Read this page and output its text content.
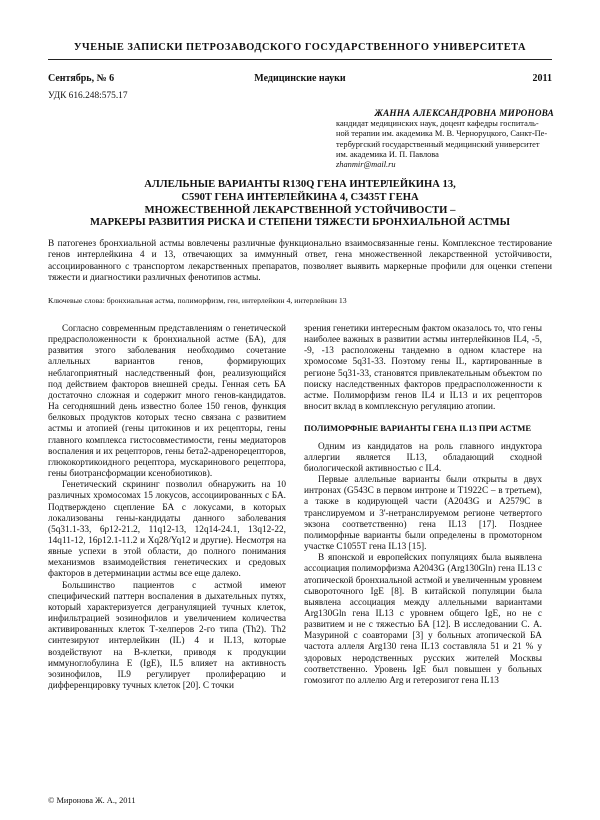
УЧЕНЫЕ ЗАПИСКИ ПЕТРОЗАВОДСКОГО ГОСУДАРСТВЕННОГО УНИВЕРСИТЕТА
Сентябрь, № 6	Медицинские науки	2011
УДК 616.248:575.17
ЖАННА АЛЕКСАНДРОВНА МИРОНОВА
кандидат медицинских наук, доцент кафедры госпиталь-
ной терапии им. академика М. В. Черноруцкого, Санкт-Пе-
тербургский государственный медицинский университет
им. академика И. П. Павлова
zhanmir@mail.ru
АЛЛЕЛЬНЫЕ ВАРИАНТЫ R130Q ГЕНА ИНТЕРЛЕЙКИНА 13,
C590T ГЕНА ИНТЕРЛЕЙКИНА 4, C3435T ГЕНА
МНОЖЕСТВЕННОЙ ЛЕКАРСТВЕННОЙ УСТОЙЧИВОСТИ –
МАРКЕРЫ РАЗВИТИЯ РИСКА И СТЕПЕНИ ТЯЖЕСТИ БРОНХИАЛЬНОЙ АСТМЫ
В патогенез бронхиальной астмы вовлечены различные функционально взаимосвязанные гены. Комплексное тестирование генов интерлейкина 4 и 13, отвечающих за иммунный ответ, гена множественной лекарственной устойчивости, ассоциированного с транспортом лекарственных препаратов, позволяет выявить маркерные профили для оценки степени тяжести и диагностики различных фенотипов астмы.
Ключевые слова: бронхиальная астма, полиморфизм, ген, интерлейкин 4, интерлейкин 13

Согласно современным представлениям о генетической предрасположенности к бронхиальной астме (БА), для развития этого заболевания необходимо сочетание аллельных вариантов генов, формирующих неблагоприятный наследственный фон, реализующийся под действием факторов внешней среды. Генная сеть БА достаточно сложная и содержит много генов-кандидатов. На сегодняшний день известно более 150 генов, функция белковых продуктов которых тесно связана с развитием астмы и атопией (гены цитокинов и их рецепторы, гены главного комплекса гистосовместимости, гены медиаторов воспаления и их рецепторов, гены бета2-адренорецепторов, глюкокортикоидного рецептора, мускаринового рецептора, гены биотрансформации ксенобиотиков).

Генетический скрининг позволил обнаружить на 10 различных хромосомах 15 локусов, ассоциированных с БА. Подтверждено сцепление БА с локусами, в которых локализованы гены-кандидаты данного заболевания (5q31.1-33, 6p12-21.2, 11q12-13, 12q14-24.1, 13q12-22, 14q11-12, 16p12.1-11.2 и Xq28/Yq12 и другие). Несмотря на явные успехи в этой области, до полного понимания механизмов взаимодействия генетических и средовых факторов в детерминации астмы все еще далеко.

Большинство пациентов с астмой имеют специфический паттерн воспаления в дыхательных путях, который характеризуется дегрануляцией тучных клеток, инфильтрацией эозинофилов и увеличением количества активированных клеток Т-хелперов 2-го типа (Th2). Th2 синтезируют интерлейкин (IL) 4 и IL13, которые воздействуют на B-клетки, приводя к продукции иммуноглобулина E (IgE), IL5 влияет на активность эозинофилов, IL9 регулирует пролиферацию и дифференцировку тучных клеток [20]. С точки

зрения генетики интересным фактом оказалось то, что гены наиболее важных в развитии астмы интерлейкинов IL4, -5, -9, -13 расположены тандемно в одном кластере на хромосоме 5q31-33. Поэтому гены IL, картированные в регионе 5q31-33, становятся привлекательным объектом по поиску наследственных факторов предрасположенности к астме. Полиморфизм генов IL4 и IL13 и их рецепторов вносит вклад в комплексную регуляцию атопии.

ПОЛИМОРФНЫЕ ВАРИАНТЫ ГЕНА IL13 ПРИ АСТМЕ

Одним из кандидатов на роль главного индуктора аллергии является IL13, обладающий сходной биологической активностью с IL4.

Первые аллельные варианты были открыты в двух интронах (G543C в первом интроне и T1922C – в третьем), а также в кодирующей части (A2043G и A2579C в транслируемом и 3'-нетранслируемом регионе четвертого экзона соответственно) гена IL13 [17]. Позднее полиморфные варианты были определены в промоторном участке C1055T гена IL13 [15].

В японской и европейских популяциях была выявлена ассоциация полиморфизма A2043G (Arg130Gln) гена IL13 с атопической бронхиальной астмой и увеличенным уровнем сывороточного IgE [8]. В китайской популяции была выявлена ассоциация между аллельными вариантами Arg130Gln гена IL13 с уровнем общего IgE, но не с развитием и не с тяжестью БА [12]. В исследовании С. А. Мазуриной с соавторами [3] у больных атопической БА частота аллеля Arg130 гена IL13 составляла 51 и 21 % у здоровых неродственных русских жителей Москвы соответственно. Уровень IgE был повышен у больных гомозигот по аллелю Arg и гетерозигот гена IL13

© Миронова Ж. А., 2011
